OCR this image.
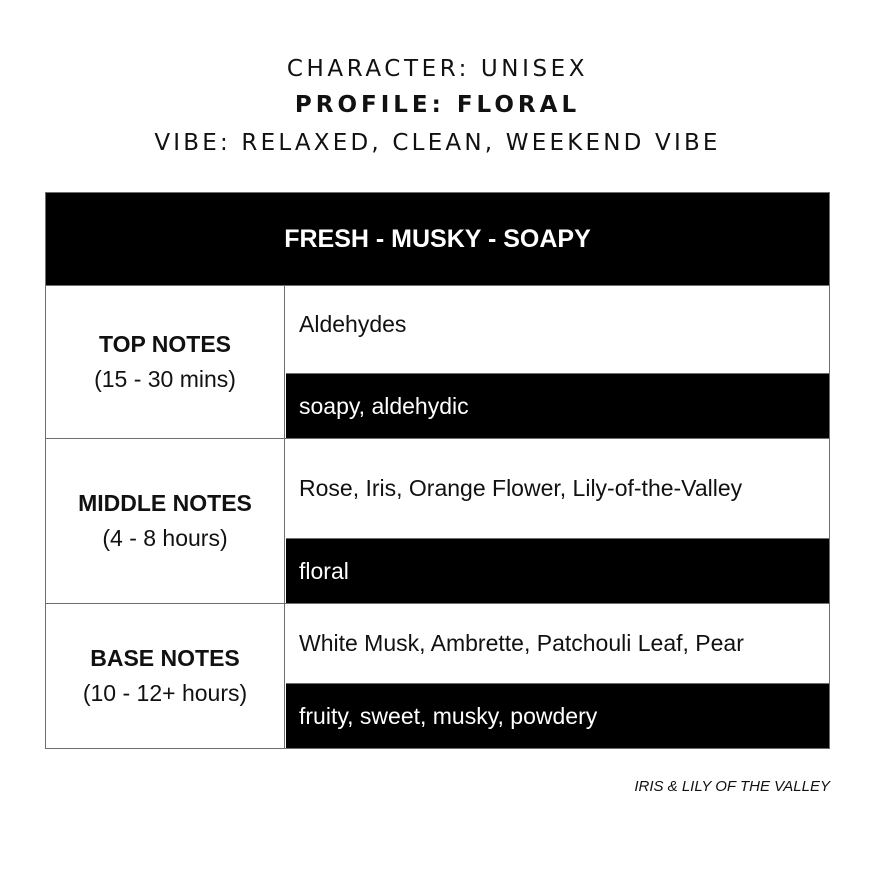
CHARACTER: UNISEX
PROFILE: FLORAL
VIBE: RELAXED, CLEAN, WEEKEND VIBE
FRESH - MUSKY - SOAPY
TOP NOTES
(15 - 30 mins)
Aldehydes
soapy, aldehydic
MIDDLE NOTES
(4 - 8 hours)
Rose, Iris, Orange Flower, Lily-of-the-Valley
floral
BASE NOTES
(10 - 12+ hours)
White Musk, Ambrette, Patchouli Leaf, Pear
fruity, sweet, musky, powdery
IRIS & LILY OF THE VALLEY
